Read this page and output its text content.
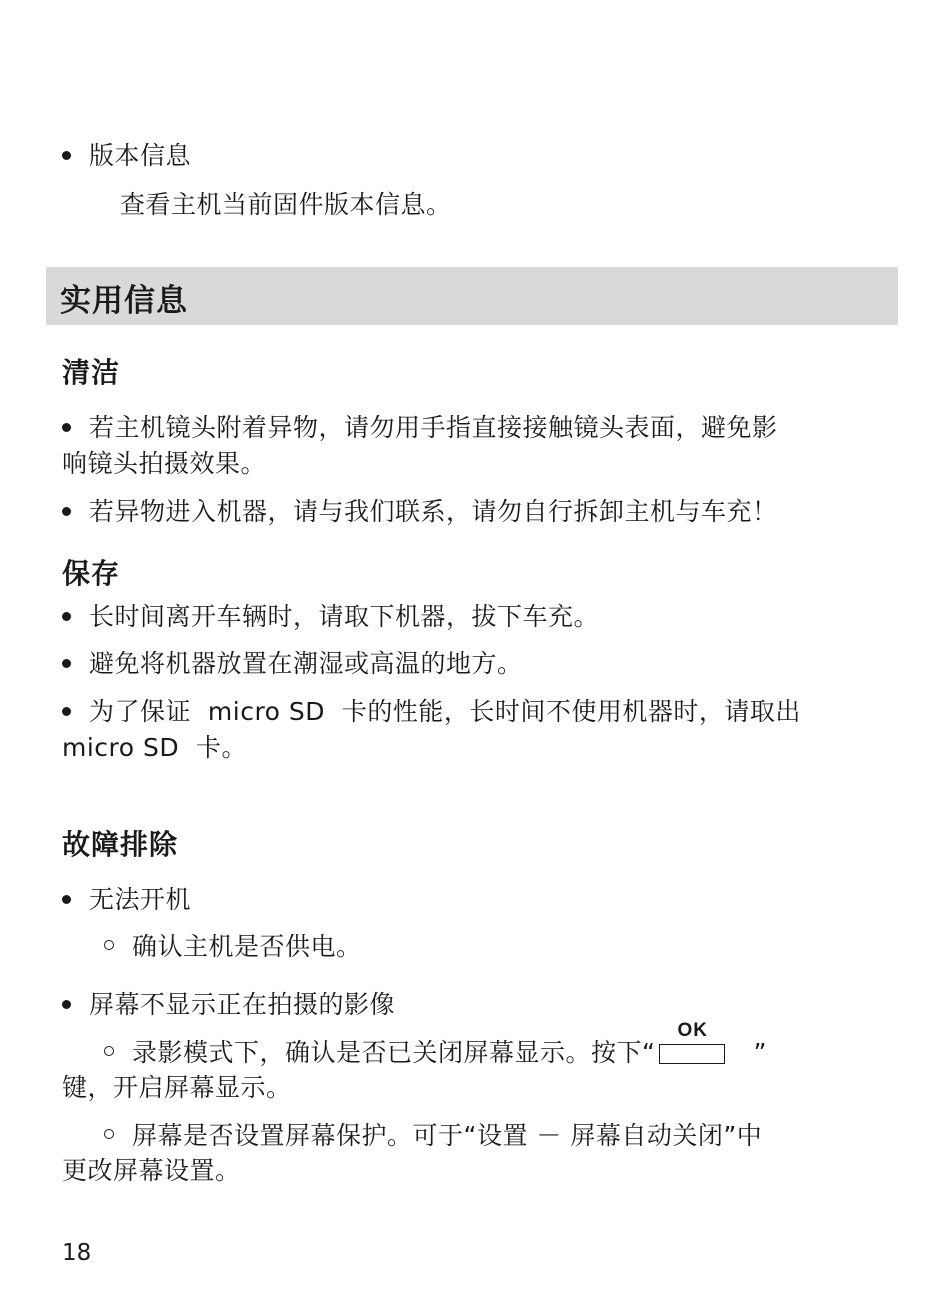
版本信息
查看主机当前固件版本信息。
实用信息
清洁
若主机镜头附着异物，请勿用手指直接接触镜头表面，避免影
响镜头拍摄效果。
若异物进入机器，请与我们联系，请勿自行拆卸主机与车充！
保存
长时间离开车辆时，请取下机器，拔下车充。
避免将机器放置在潮湿或高温的地方。
为了保证  micro SD  卡的性能，长时间不使用机器时，请取出
micro SD  卡。
故障排除
无法开机
确认主机是否供电。
屏幕不显示正在拍摄的影像
录影模式下，确认是否已关闭屏幕显示。按下“
OK
”
键，开启屏幕显示。
屏幕是否设置屏幕保护。可于“设置 － 屏幕自动关闭”中
更改屏幕设置。
18
